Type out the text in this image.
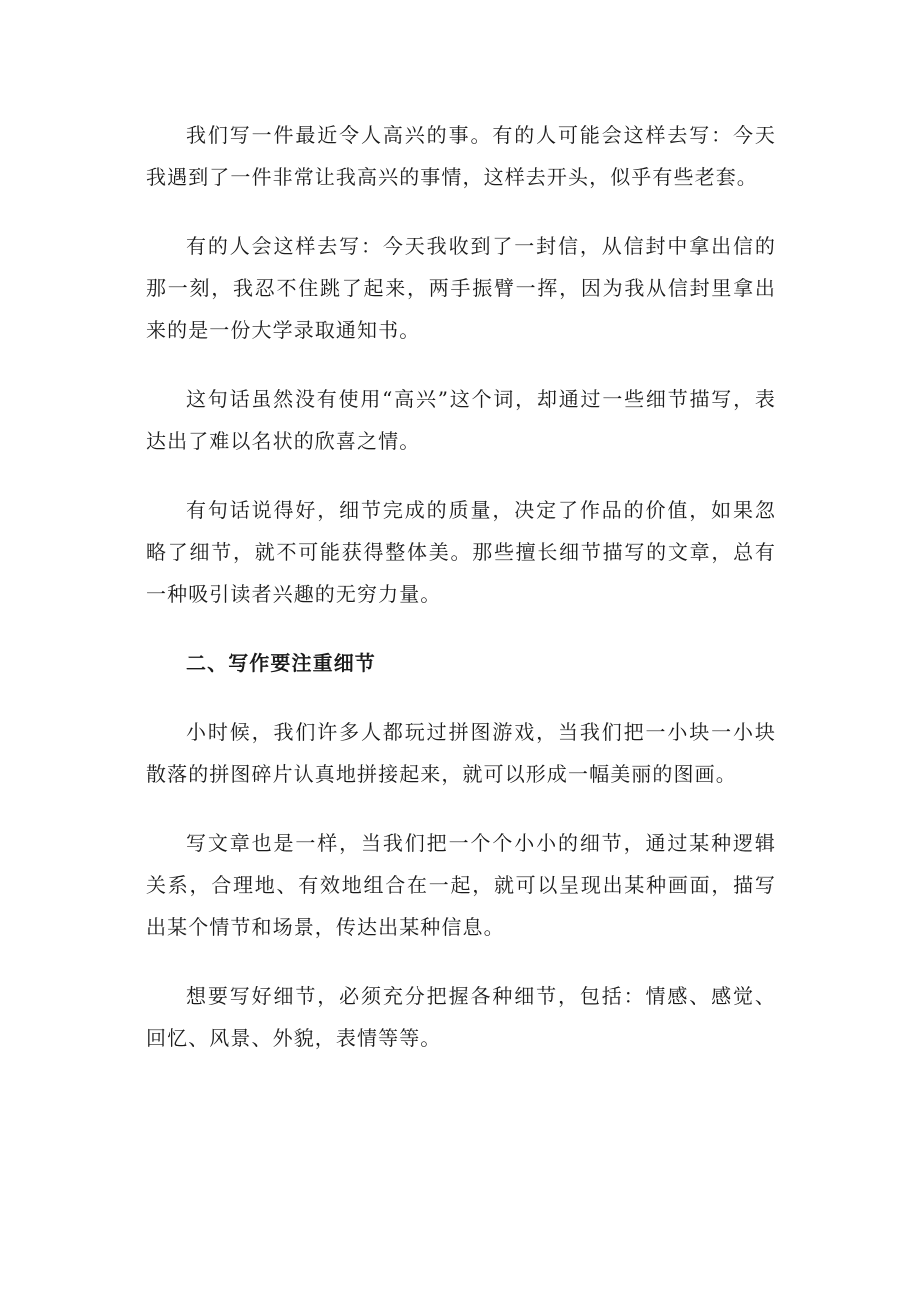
我们写一件最近令人高兴的事。有的人可能会这样去写：今天我遇到了一件非常让我高兴的事情，这样去开头，似乎有些老套。

有的人会这样去写：今天我收到了一封信，从信封中拿出信的那一刻，我忍不住跳了起来，两手振臂一挥，因为我从信封里拿出来的是一份大学录取通知书。

这句话虽然没有使用“高兴”这个词，却通过一些细节描写，表达出了难以名状的欣喜之情。

有句话说得好，细节完成的质量，决定了作品的价值，如果忽略了细节，就不可能获得整体美。那些擅长细节描写的文章，总有一种吸引读者兴趣的无穷力量。

二、写作要注重细节

小时候，我们许多人都玩过拼图游戏，当我们把一小块一小块散落的拼图碎片认真地拼接起来，就可以形成一幅美丽的图画。

写文章也是一样，当我们把一个个小小的细节，通过某种逻辑关系，合理地、有效地组合在一起，就可以呈现出某种画面，描写出某个情节和场景，传达出某种信息。

想要写好细节，必须充分把握各种细节，包括：情感、感觉、回忆、风景、外貌，表情等等。
